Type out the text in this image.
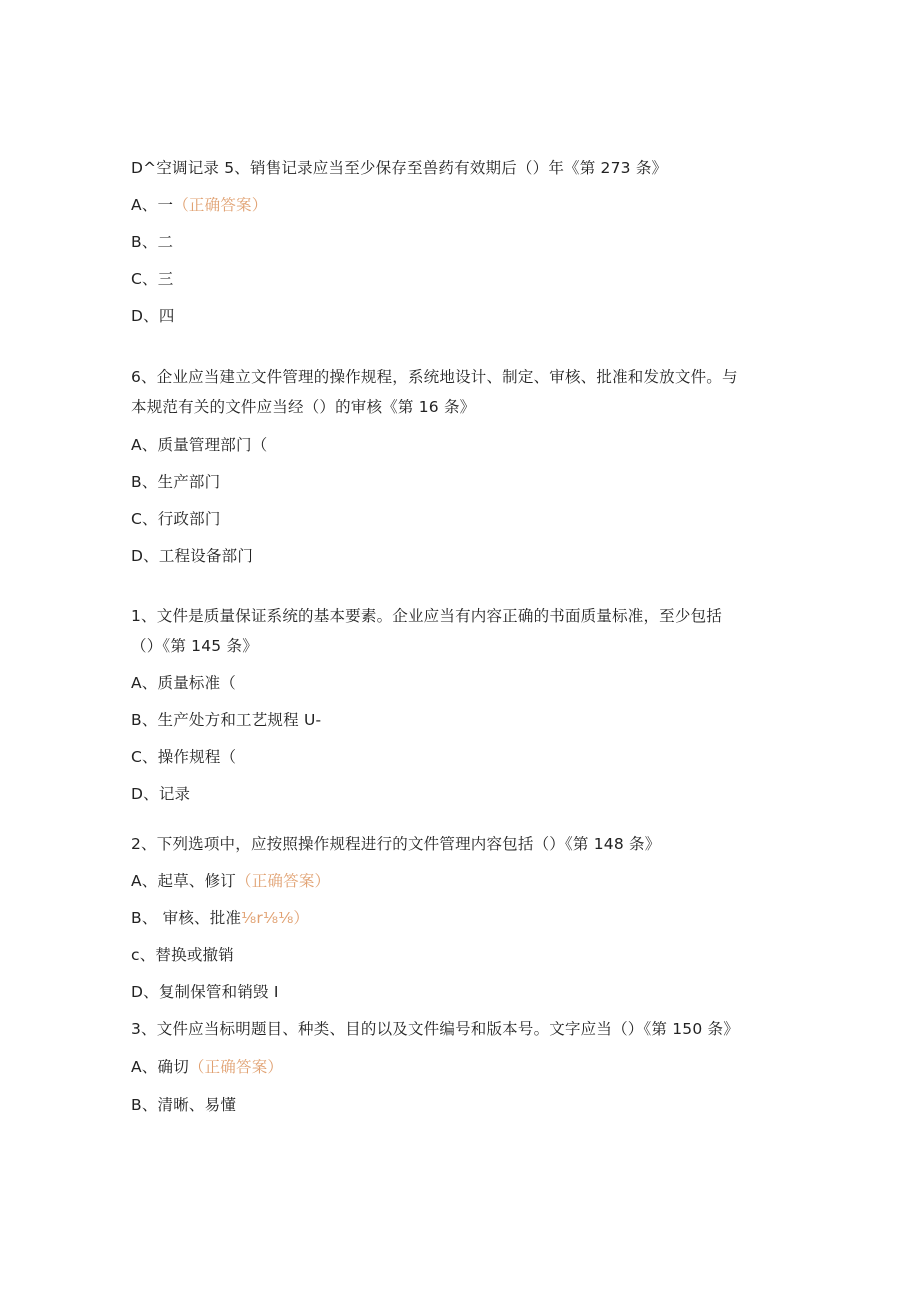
D^空调记录 5、销售记录应当至少保存至兽药有效期后（）年《第 273 条》
A、一（正确答案）
B、二
C、三
D、四
6、企业应当建立文件管理的操作规程，系统地设计、制定、审核、批准和发放文件。与
本规范有关的文件应当经（）的审核《第 16 条》
A、质量管理部门（
B、生产部门
C、行政部门
D、工程设备部门
1、文件是质量保证系统的基本要素。企业应当有内容正确的书面质量标准，至少包括
（）《第 145 条》
A、质量标准（
B、生产处方和工艺规程 U-
C、操作规程（
D、记录
2、下列选项中，应按照操作规程进行的文件管理内容包括（）《第 148 条》
A、起草、修订（正确答案）
B、 审核、批准⅛r⅛⅛）
c、替换或撤销
D、复制保管和销毁 I
3、文件应当标明题目、种类、目的以及文件编号和版本号。文字应当（）《第 150 条》
A、确切（正确答案）
B、清晰、易懂
